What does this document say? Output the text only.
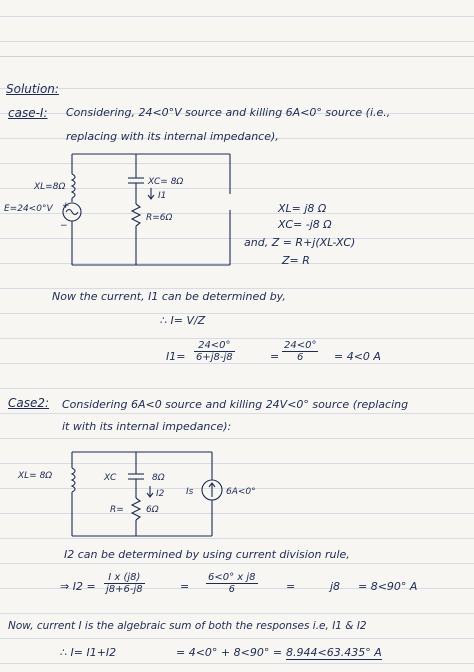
Solution:
case-I: Considering, 24<0°V source and killing 6A<0° source (i.e.,
replacing with its internal impedance),
XL=8Ω
E=24<0°V +
−
XC= 8Ω
I1
R=6Ω
XL= j8 Ω
XC= -j8 Ω
and, Z = R+j(XL-XC)
Z= R
Now the current, I1 can be determined by,
∴ I= V/Z
$I1= \frac{24<0^\circ}{6+j8-j8}$	= $\frac{24<0^\circ}{6} = 4<0$ A
Case2: Considering 6A<0 source and killing 24V<0° source (replacing
it with its internal impedance):
XL= 8Ω	XC	8Ω
I2
R= 6Ω
Is	6A<0°
I2 can be determined by using current division rule,
⇒ $I2 = \frac{\text{I x (j8)}}{j8+6-j8}$	= $\frac{\text{6<0° x j8}}{6}$	=	j8 = 8<90° A
Now, current I is the algebraic sum of both the responses i.e, I1 & I2
∴ I= I1+I2	= 4<0° + 8<90° = 8.944<63.435° A
